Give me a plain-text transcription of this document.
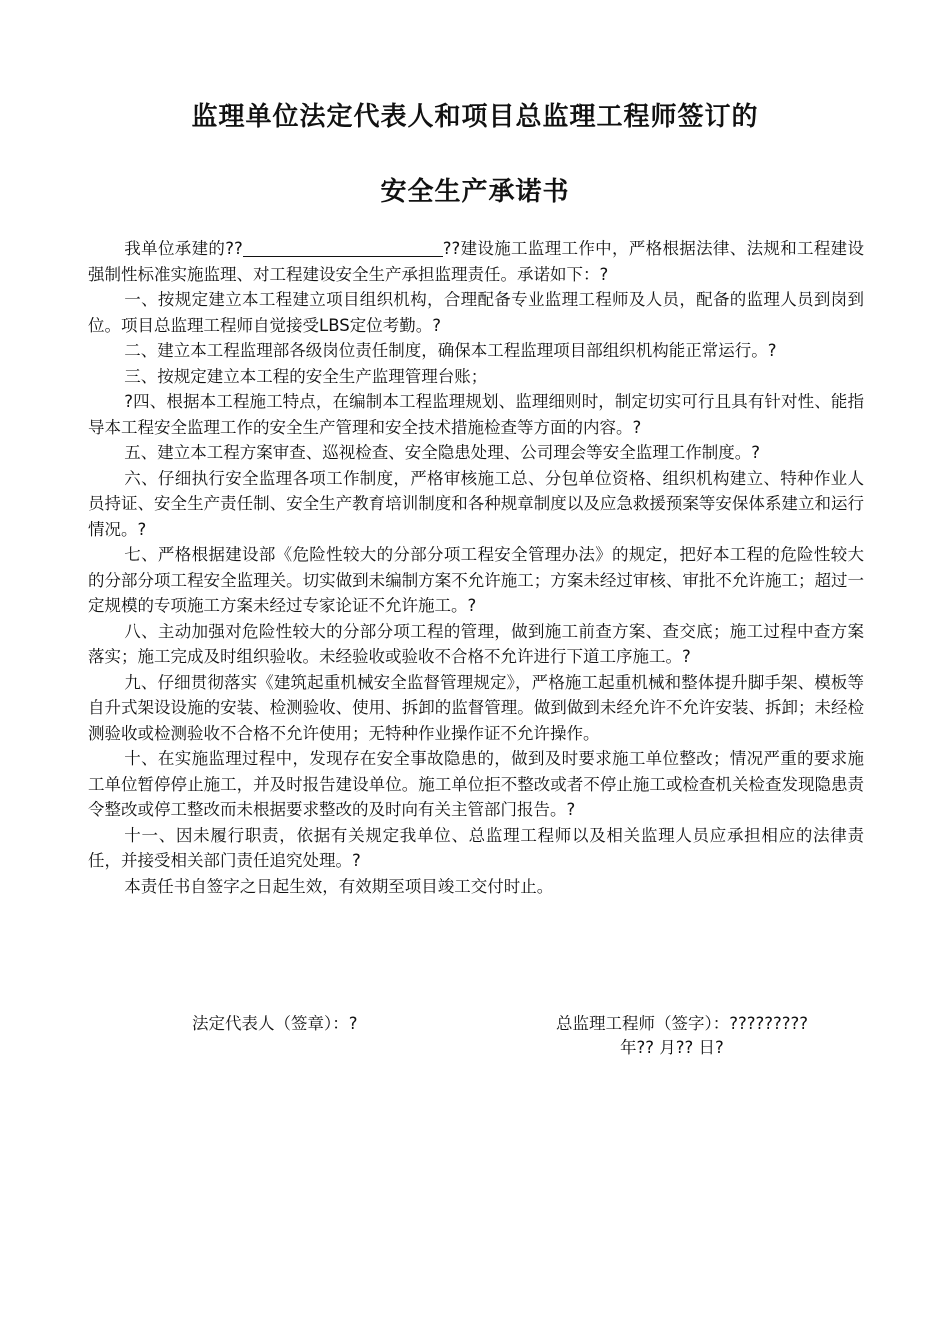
监理单位法定代表人和项目总监理工程师签订的
安全生产承诺书

我单位承建的??	??建设施工监理工作中，严格根据法律、法规和工程建设强制性标准实施监理、对工程建设安全生产承担监理责任。承诺如下：?

一、按规定建立本工程建立项目组织机构，合理配备专业监理工程师及人员，配备的监理人员到岗到位。项目总监理工程师自觉接受LBS定位考勤。?

二、建立本工程监理部各级岗位责任制度，确保本工程监理项目部组织机构能正常运行。?

三、按规定建立本工程的安全生产监理管理台账；

?四、根据本工程施工特点，在编制本工程监理规划、监理细则时，制定切实可行且具有针对性、能指导本工程安全监理工作的安全生产管理和安全技术措施检查等方面的内容。?

五、建立本工程方案审查、巡视检查、安全隐患处理、公司理会等安全监理工作制度。?

六、仔细执行安全监理各项工作制度，严格审核施工总、分包单位资格、组织机构建立、特种作业人员持证、安全生产责任制、安全生产教育培训制度和各种规章制度以及应急救援预案等安保体系建立和运行情况。?

七、严格根据建设部《危险性较大的分部分项工程安全管理办法》的规定，把好本工程的危险性较大的分部分项工程安全监理关。切实做到未编制方案不允许施工；方案未经过审核、审批不允许施工；超过一定规模的专项施工方案未经过专家论证不允许施工。?

八、主动加强对危险性较大的分部分项工程的管理，做到施工前查方案、查交底；施工过程中查方案落实；施工完成及时组织验收。未经验收或验收不合格不允许进行下道工序施工。?

九、仔细贯彻落实《建筑起重机械安全监督管理规定》，严格施工起重机械和整体提升脚手架、模板等自升式架设设施的安装、检测验收、使用、拆卸的监督管理。做到做到未经允许不允许安装、拆卸；未经检测验收或检测验收不合格不允许使用；无特种作业操作证不允许操作。

十、在实施监理过程中，发现存在安全事故隐患的，做到及时要求施工单位整改；情况严重的要求施工单位暂停停止施工，并及时报告建设单位。施工单位拒不整改或者不停止施工或检查机关检查发现隐患责令整改或停工整改而未根据要求整改的及时向有关主管部门报告。?

十一、因未履行职责，依据有关规定我单位、总监理工程师以及相关监理人员应承担相应的法律责任，并接受相关部门责任追究处理。?

本责任书自签字之日起生效，有效期至项目竣工交付时止。

法定代表人（签章）：?	总监理工程师（签字）：?????????
年?? 月?? 日?
